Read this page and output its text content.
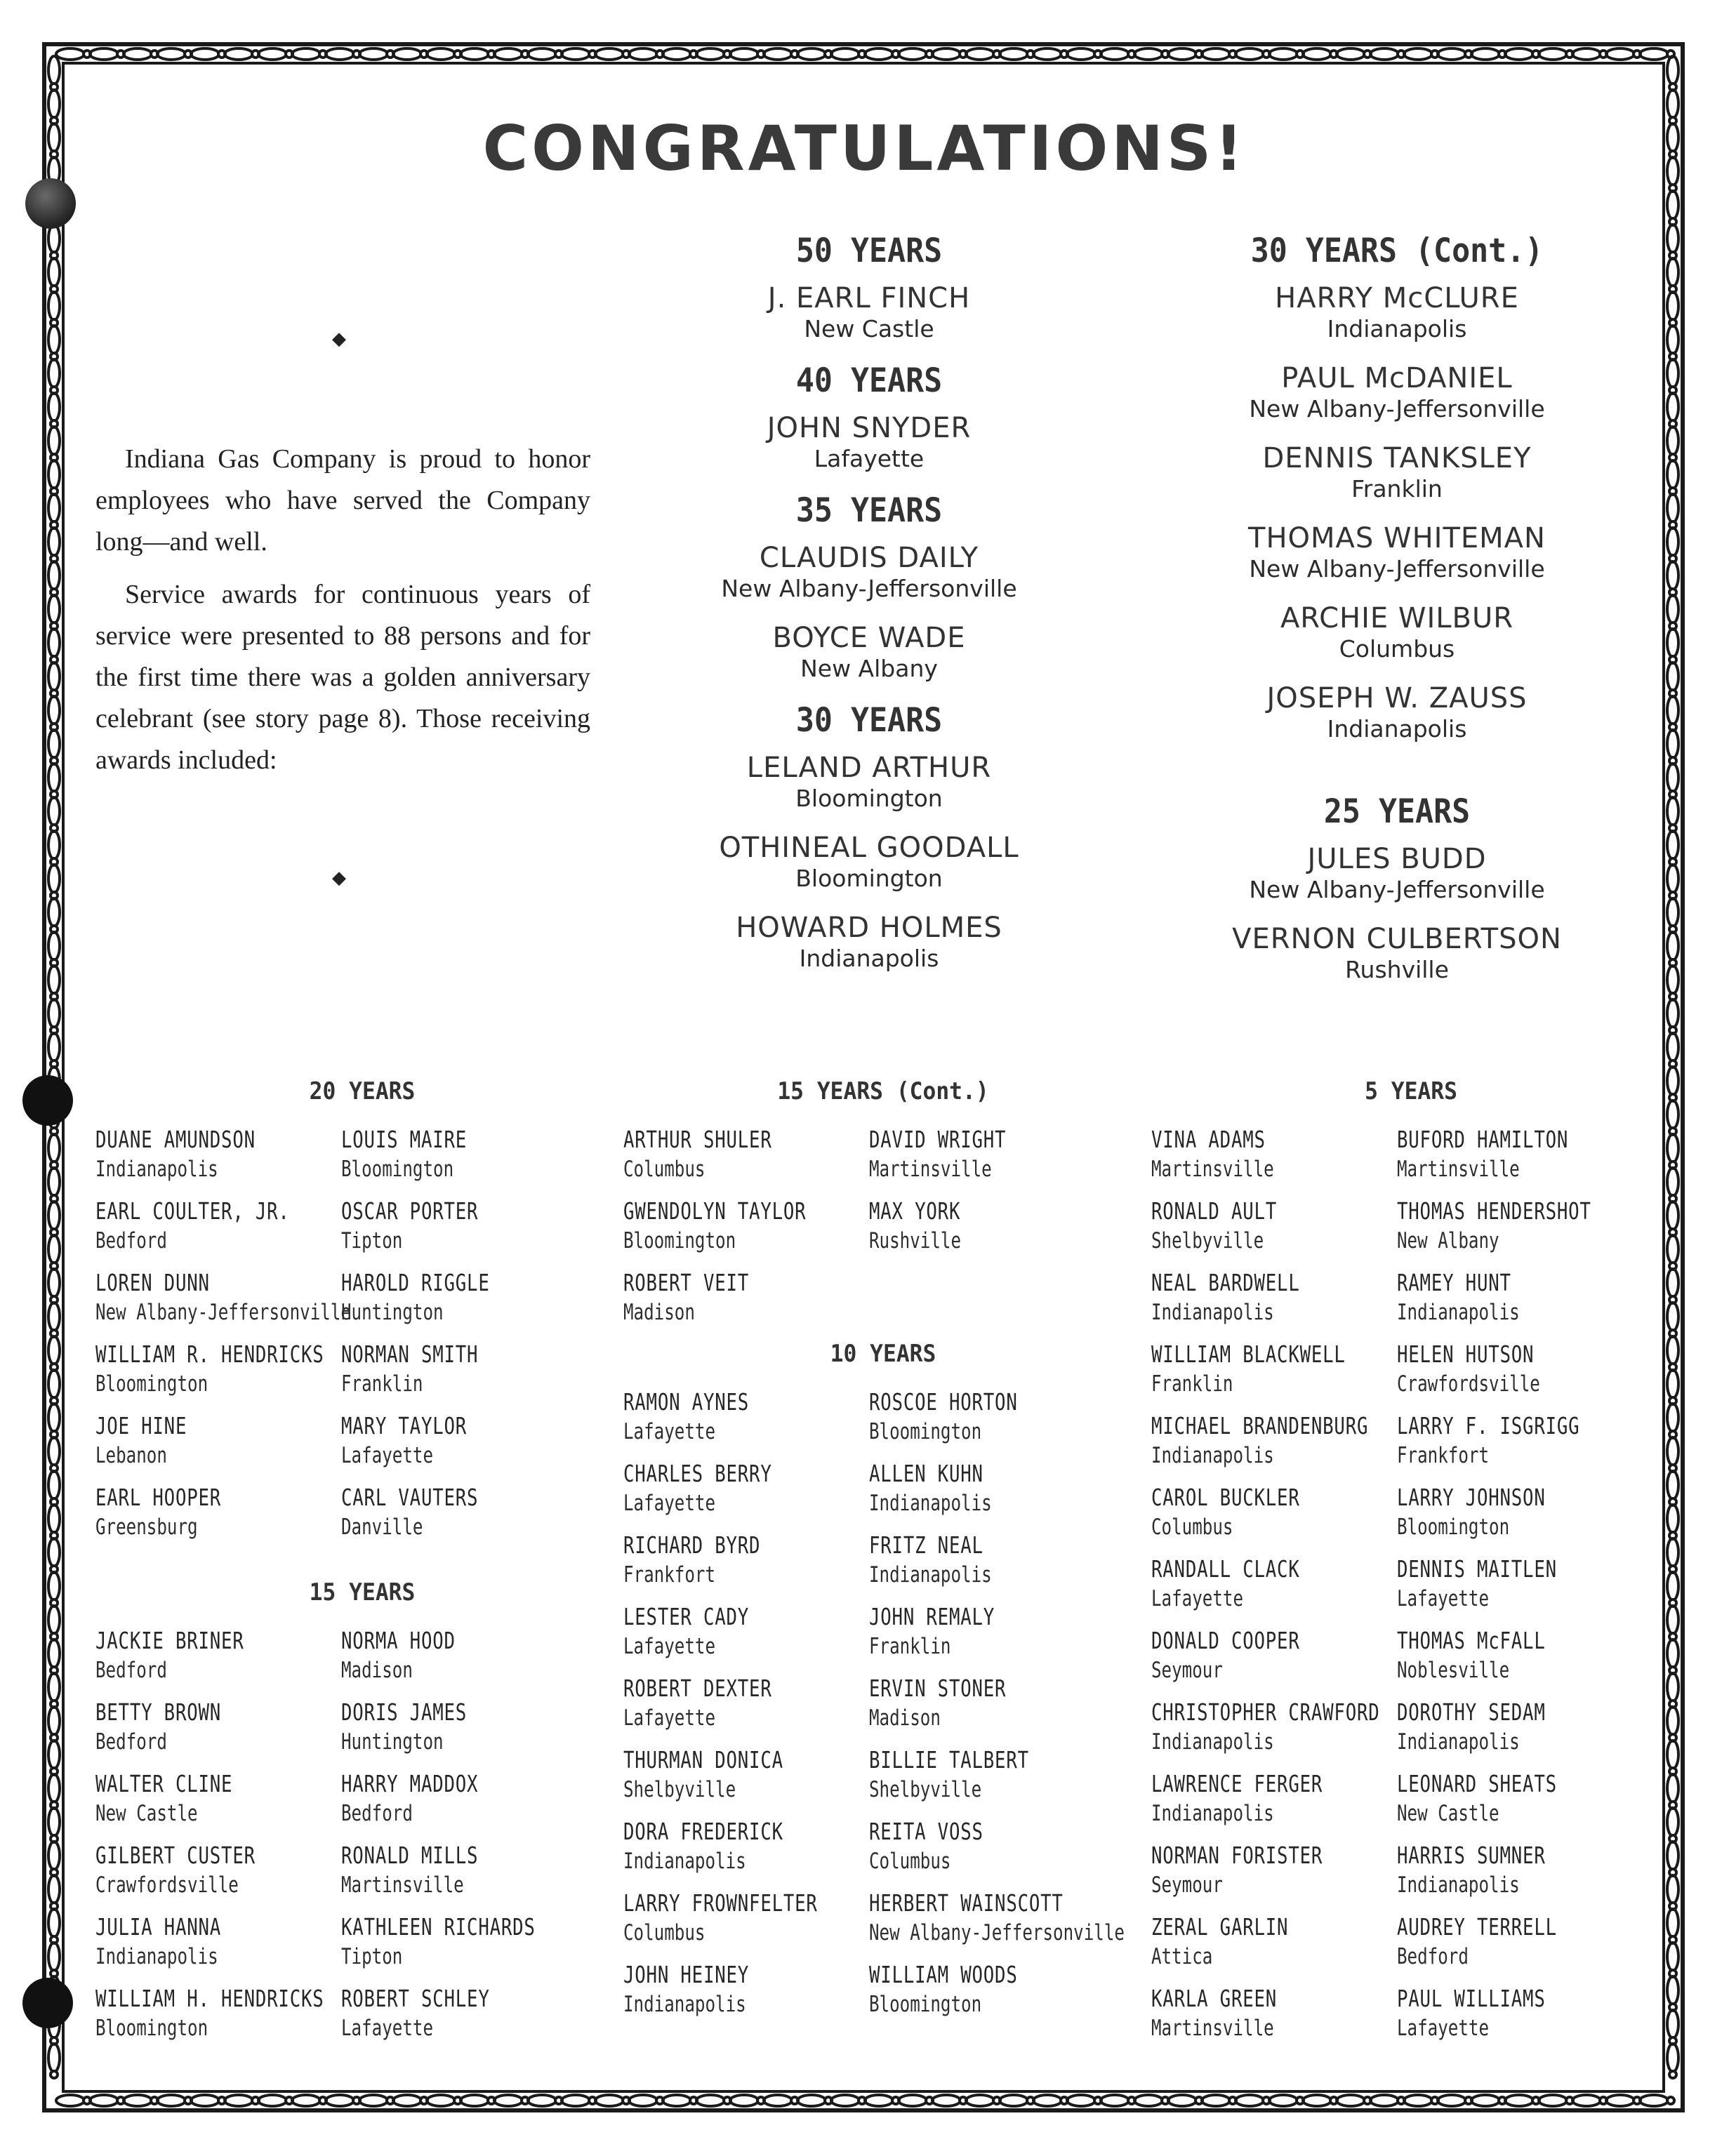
CONGRATULATIONS!
◆
◆

Indiana Gas Company is proud to honor employees who have served the Company long—and well.

Service awards for continuous years of service were presented to 88 persons and for the first time there was a golden anniversary celebrant (see story page 8). Those receiving awards included:

50 YEARS
J. EARL FINCH
New Castle
40 YEARS
JOHN SNYDER
Lafayette
35 YEARS
CLAUDIS DAILY
New Albany-Jeffersonville
BOYCE WADE
New Albany
30 YEARS
LELAND ARTHUR
Bloomington
OTHINEAL GOODALL
Bloomington
HOWARD HOLMES
Indianapolis
30 YEARS (Cont.)
HARRY McCLURE
Indianapolis
PAUL McDANIEL
New Albany-Jeffersonville
DENNIS TANKSLEY
Franklin
THOMAS WHITEMAN
New Albany-Jeffersonville
ARCHIE WILBUR
Columbus
JOSEPH W. ZAUSS
Indianapolis
25 YEARS
JULES BUDD
New Albany-Jeffersonville
VERNON CULBERTSON
Rushville
20 YEARS
DUANE AMUNDSON
Indianapolis
LOUIS MAIRE
Bloomington
EARL COULTER, JR.
Bedford
OSCAR PORTER
Tipton
LOREN DUNN
New Albany-Jeffersonville
HAROLD RIGGLE
Huntington
WILLIAM R. HENDRICKS
Bloomington
NORMAN SMITH
Franklin
JOE HINE
Lebanon
MARY TAYLOR
Lafayette
EARL HOOPER
Greensburg
CARL VAUTERS
Danville
15 YEARS
JACKIE BRINER
Bedford
NORMA HOOD
Madison
BETTY BROWN
Bedford
DORIS JAMES
Huntington
WALTER CLINE
New Castle
HARRY MADDOX
Bedford
GILBERT CUSTER
Crawfordsville
RONALD MILLS
Martinsville
JULIA HANNA
Indianapolis
KATHLEEN RICHARDS
Tipton
WILLIAM H. HENDRICKS
Bloomington
ROBERT SCHLEY
Lafayette
15 YEARS (Cont.)
ARTHUR SHULER
Columbus
DAVID WRIGHT
Martinsville
GWENDOLYN TAYLOR
Bloomington
MAX YORK
Rushville
ROBERT VEIT
Madison
10 YEARS
RAMON AYNES
Lafayette
ROSCOE HORTON
Bloomington
CHARLES BERRY
Lafayette
ALLEN KUHN
Indianapolis
RICHARD BYRD
Frankfort
FRITZ NEAL
Indianapolis
LESTER CADY
Lafayette
JOHN REMALY
Franklin
ROBERT DEXTER
Lafayette
ERVIN STONER
Madison
THURMAN DONICA
Shelbyville
BILLIE TALBERT
Shelbyville
DORA FREDERICK
Indianapolis
REITA VOSS
Columbus
LARRY FROWNFELTER
Columbus
HERBERT WAINSCOTT
New Albany-Jeffersonville
JOHN HEINEY
Indianapolis
WILLIAM WOODS
Bloomington
5 YEARS
VINA ADAMS
Martinsville
BUFORD HAMILTON
Martinsville
RONALD AULT
Shelbyville
THOMAS HENDERSHOT
New Albany
NEAL BARDWELL
Indianapolis
RAMEY HUNT
Indianapolis
WILLIAM BLACKWELL
Franklin
HELEN HUTSON
Crawfordsville
MICHAEL BRANDENBURG
Indianapolis
LARRY F. ISGRIGG
Frankfort
CAROL BUCKLER
Columbus
LARRY JOHNSON
Bloomington
RANDALL CLACK
Lafayette
DENNIS MAITLEN
Lafayette
DONALD COOPER
Seymour
THOMAS McFALL
Noblesville
CHRISTOPHER CRAWFORD
Indianapolis
DOROTHY SEDAM
Indianapolis
LAWRENCE FERGER
Indianapolis
LEONARD SHEATS
New Castle
NORMAN FORISTER
Seymour
HARRIS SUMNER
Indianapolis
ZERAL GARLIN
Attica
AUDREY TERRELL
Bedford
KARLA GREEN
Martinsville
PAUL WILLIAMS
Lafayette
